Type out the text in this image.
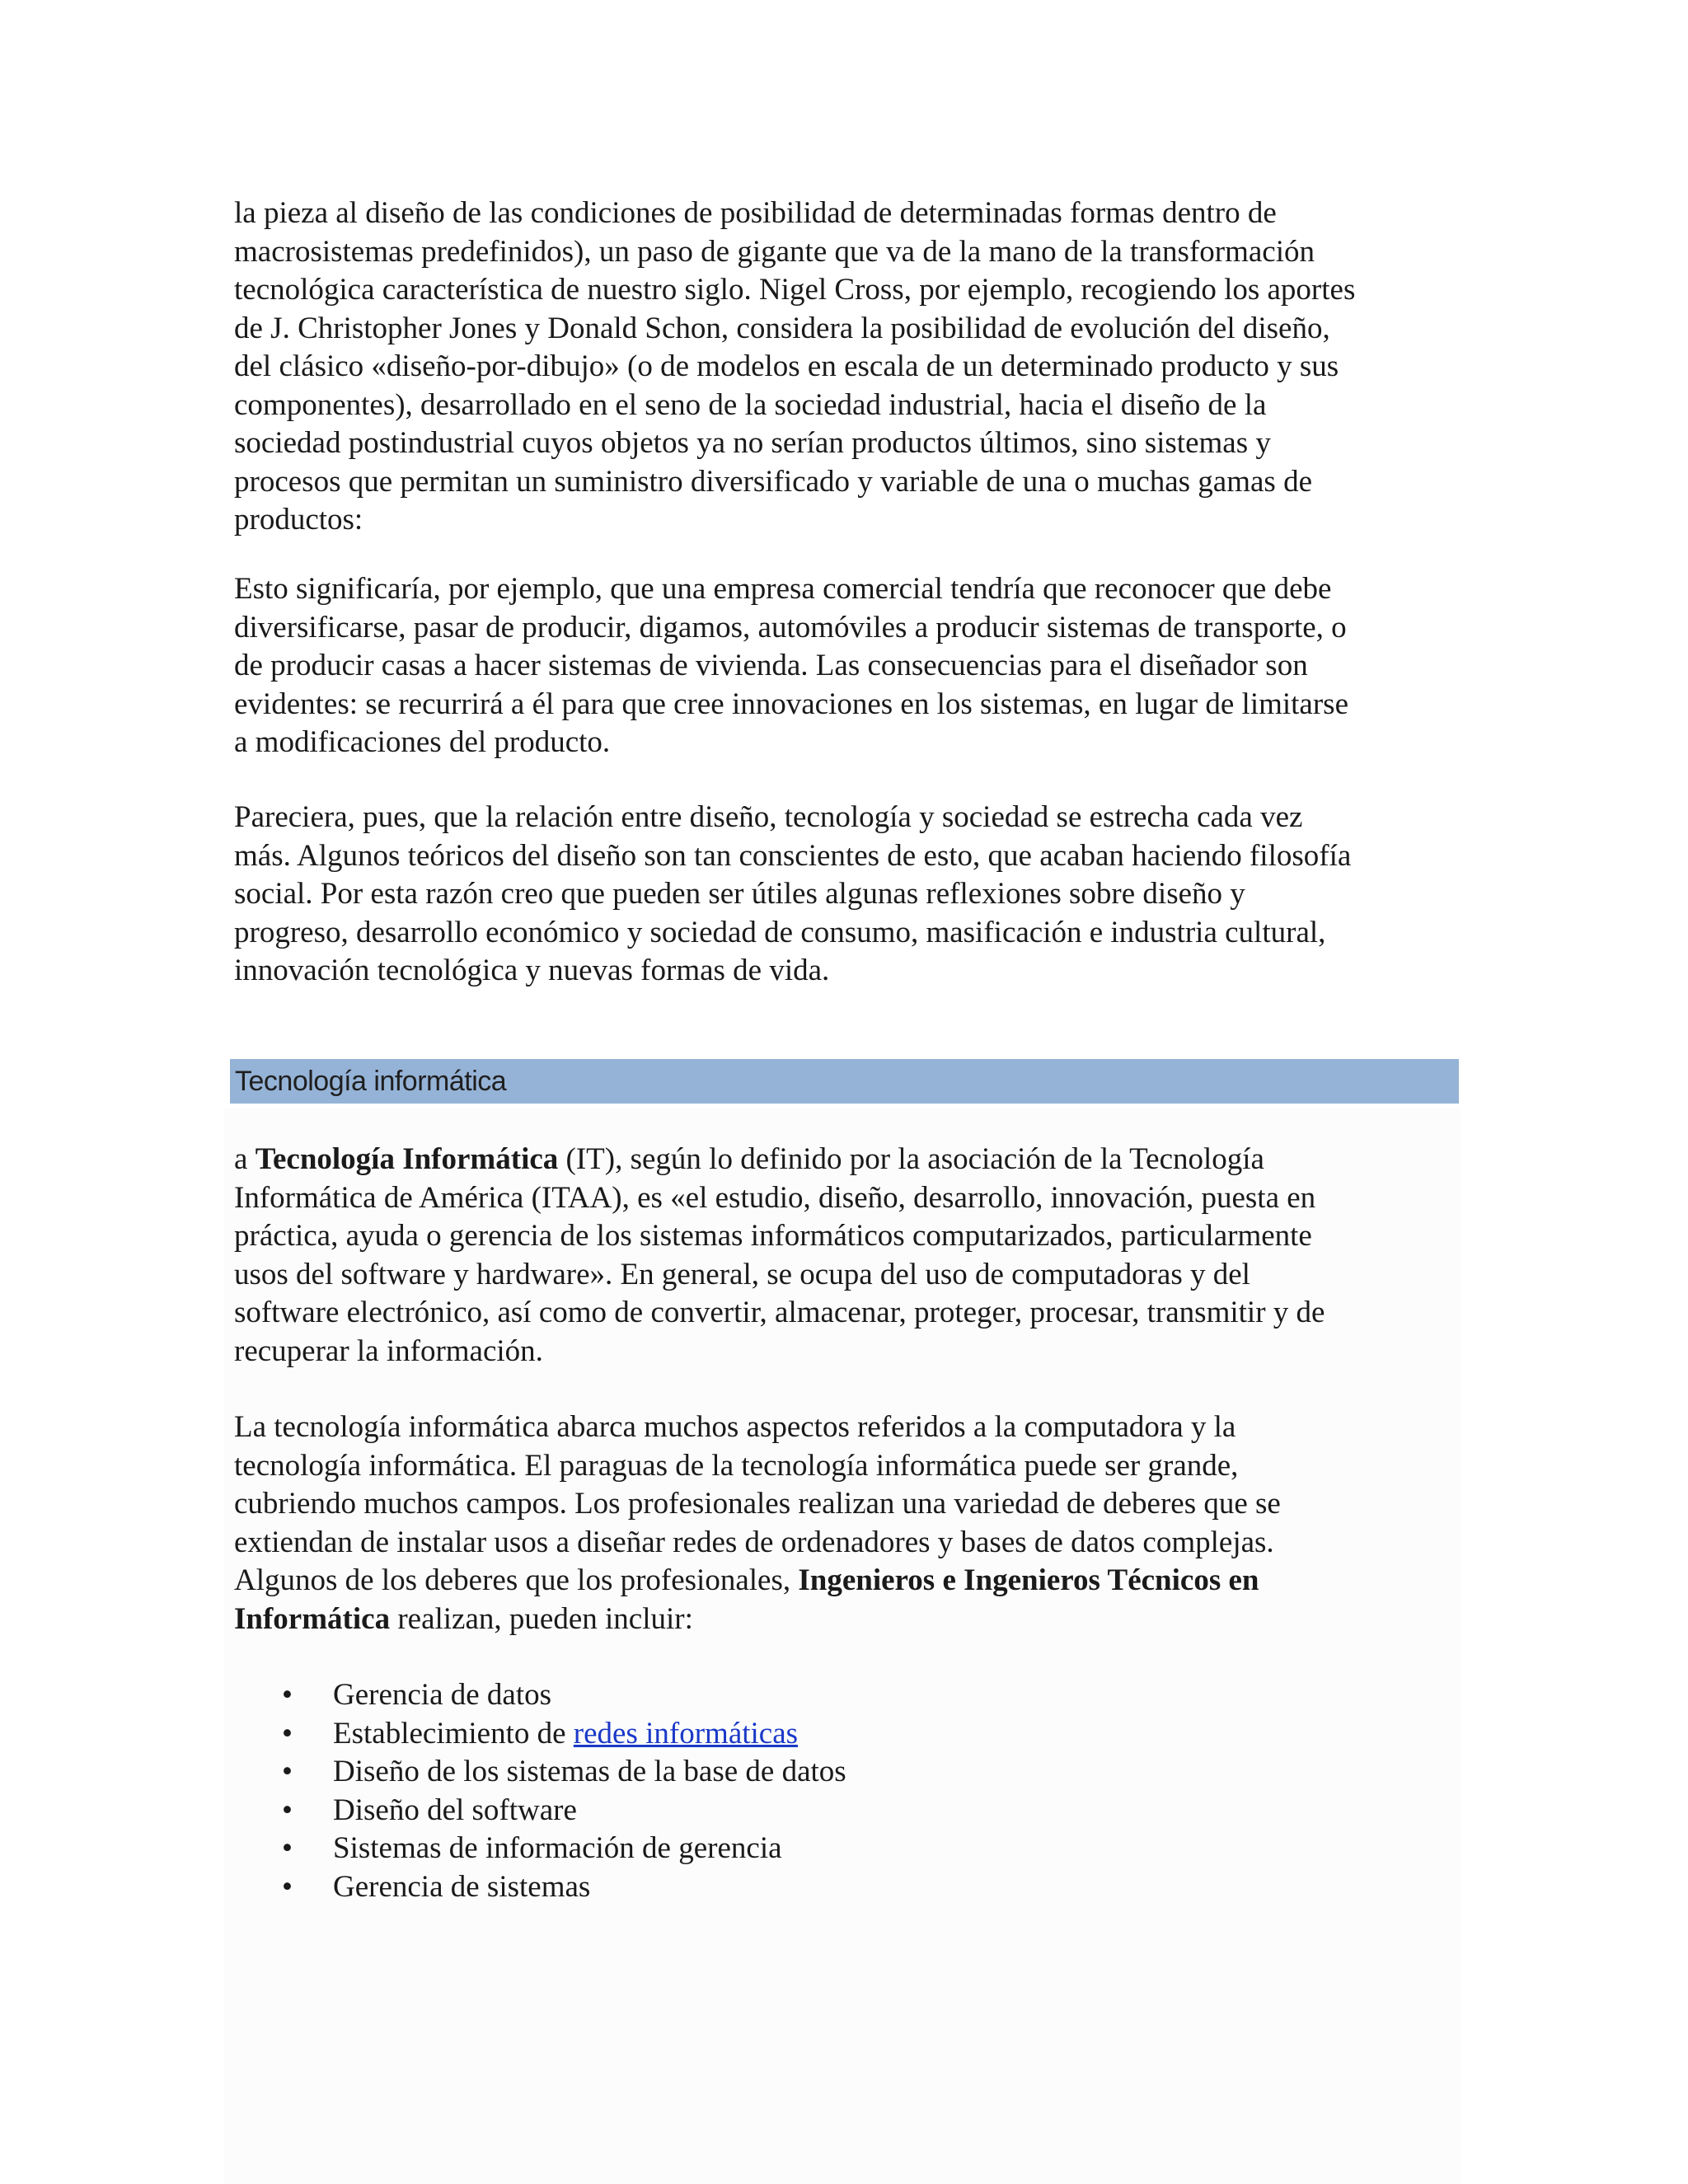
la pieza al diseño de las condiciones de posibilidad de determinadas formas dentro de
macrosistemas predefinidos), un paso de gigante que va de la mano de la transformación
tecnológica característica de nuestro siglo. Nigel Cross, por ejemplo, recogiendo los aportes
de J. Christopher Jones y Donald Schon, considera la posibilidad de evolución del diseño,
del clásico «diseño-por-dibujo» (o de modelos en escala de un determinado producto y sus
componentes), desarrollado en el seno de la sociedad industrial, hacia el diseño de la
sociedad postindustrial cuyos objetos ya no serían productos últimos, sino sistemas y
procesos que permitan un suministro diversificado y variable de una o muchas gamas de
productos:
Esto significaría, por ejemplo, que una empresa comercial tendría que reconocer que debe
diversificarse, pasar de producir, digamos, automóviles a producir sistemas de transporte, o
de producir casas a hacer sistemas de vivienda. Las consecuencias para el diseñador son
evidentes: se recurrirá a él para que cree innovaciones en los sistemas, en lugar de limitarse
a modificaciones del producto.
Pareciera, pues, que la relación entre diseño, tecnología y sociedad se estrecha cada vez
más. Algunos teóricos del diseño son tan conscientes de esto, que acaban haciendo filosofía
social. Por esta razón creo que pueden ser útiles algunas reflexiones sobre diseño y
progreso, desarrollo económico y sociedad de consumo, masificación e industria cultural,
innovación tecnológica y nuevas formas de vida.
Tecnología informática
a Tecnología Informática (IT), según lo definido por la asociación de la Tecnología
Informática de América (ITAA), es «el estudio, diseño, desarrollo, innovación, puesta en
práctica, ayuda o gerencia de los sistemas informáticos computarizados, particularmente
usos del software y hardware». En general, se ocupa del uso de computadoras y del
software electrónico, así como de convertir, almacenar, proteger, procesar, transmitir y de
recuperar la información.
La tecnología informática abarca muchos aspectos referidos a la computadora y la
tecnología informática. El paraguas de la tecnología informática puede ser grande,
cubriendo muchos campos. Los profesionales realizan una variedad de deberes que se
extiendan de instalar usos a diseñar redes de ordenadores y bases de datos complejas.
Algunos de los deberes que los profesionales, Ingenieros e Ingenieros Técnicos en
Informática realizan, pueden incluir:
• Gerencia de datos
• Establecimiento de redes informáticas
• Diseño de los sistemas de la base de datos
• Diseño del software
• Sistemas de información de gerencia
• Gerencia de sistemas
